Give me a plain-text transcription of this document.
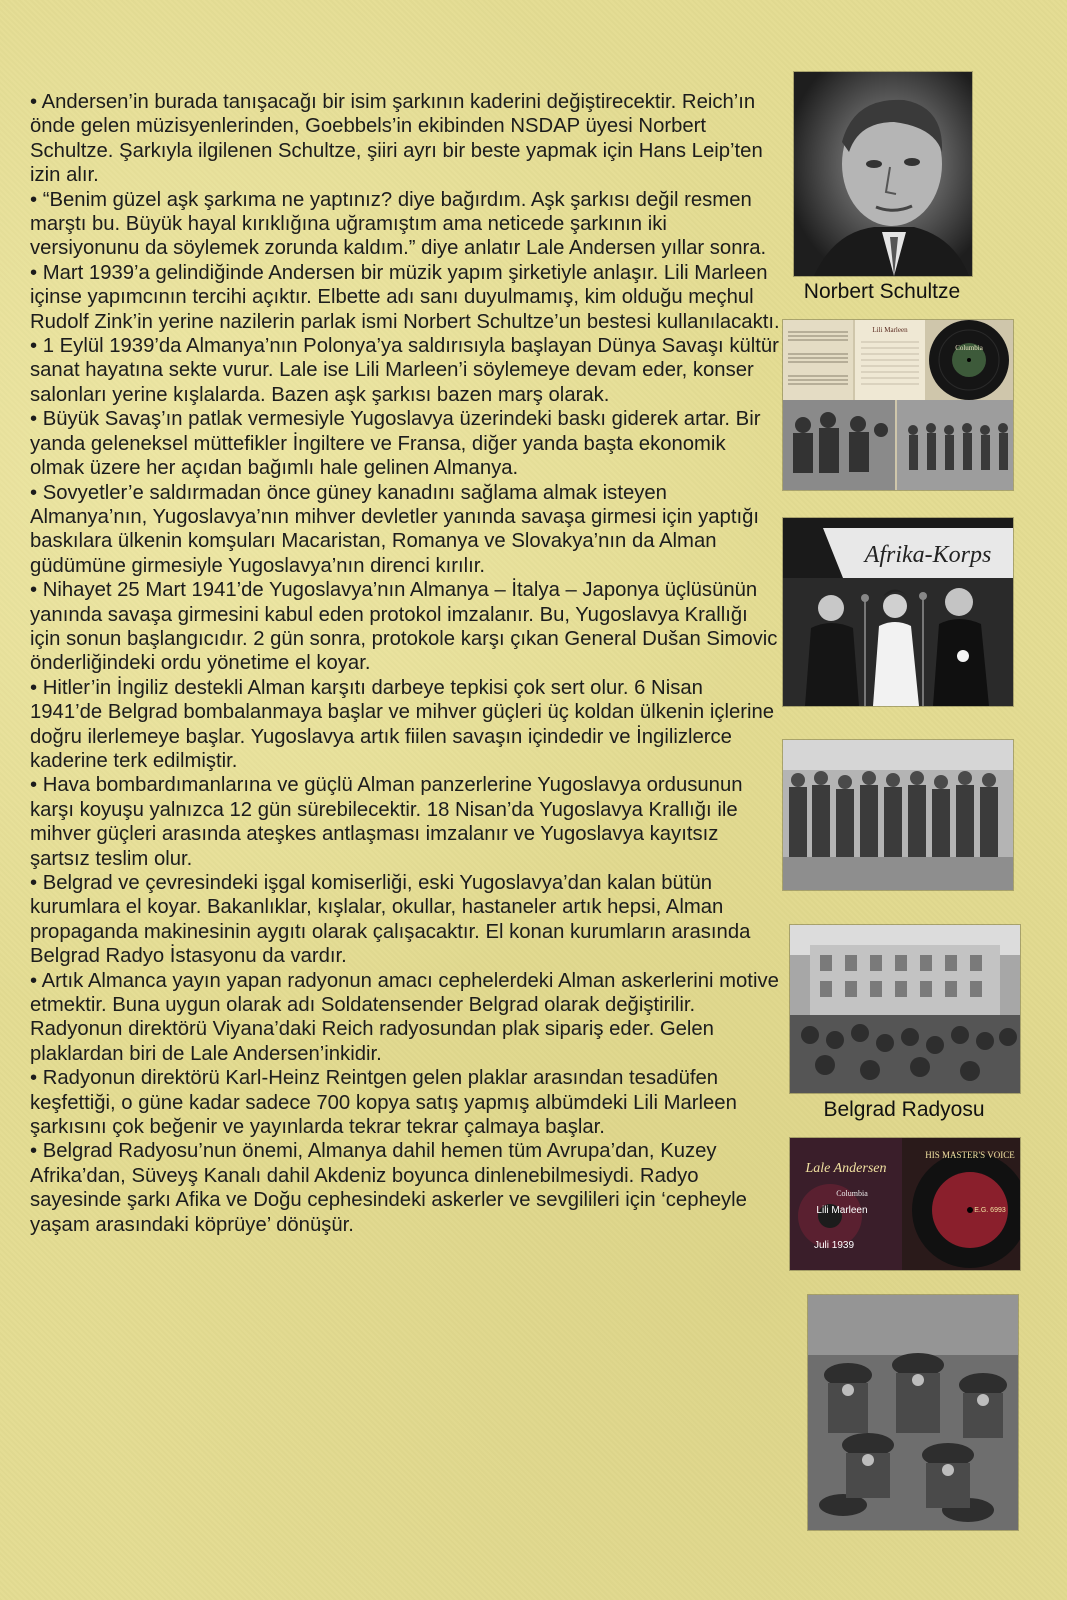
• Andersen’in burada tanışacağı bir isim şarkının kaderini değiştirecektir. Reich’ın önde gelen müzisyenlerinden, Goebbels’in ekibinden NSDAP üyesi Norbert Schultze. Şarkıyla ilgilenen Schultze, şiiri ayrı bir beste yapmak için Hans Leip’ten izin alır.

• “Benim güzel aşk şarkıma ne yaptınız? diye bağırdım. Aşk şarkısı değil resmen marştı bu. Büyük hayal kırıklığına uğramıştım ama neticede şarkının iki versiyonunu da söylemek zorunda kaldım.” diye anlatır Lale Andersen yıllar sonra.

• Mart 1939’a gelindiğinde Andersen bir müzik yapım şirketiyle anlaşır. Lili Marleen içinse yapımcının tercihi açıktır. Elbette adı sanı duyulmamış, kim olduğu meçhul Rudolf Zink’in yerine nazilerin parlak ismi Norbert Schultze’un bestesi kullanılacaktı.

• 1 Eylül 1939’da Almanya’nın Polonya’ya saldırısıyla başlayan Dünya Savaşı kültür sanat hayatına sekte vurur. Lale ise Lili Marleen’i söylemeye devam eder, konser salonları yerine kışlalarda. Bazen aşk şarkısı bazen marş olarak.

• Büyük Savaş’ın patlak vermesiyle Yugoslavya üzerindeki baskı giderek artar. Bir yanda geleneksel müttefikler İngiltere ve Fransa, diğer yanda başta ekonomik olmak üzere her açıdan bağımlı hale gelinen Almanya.

• Sovyetler’e saldırmadan önce güney kanadını sağlama almak isteyen Almanya’nın, Yugoslavya’nın mihver devletler yanında savaşa girmesi için yaptığı baskılara ülkenin komşuları Macaristan, Romanya ve Slovakya’nın da Alman güdümüne girmesiyle Yugoslavya’nın direnci kırılır.

• Nihayet 25 Mart 1941’de Yugoslavya’nın Almanya – İtalya – Japonya üçlüsünün yanında savaşa girmesini kabul eden protokol imzalanır. Bu, Yugoslavya Krallığı için sonun başlangıcıdır. 2 gün sonra, protokole karşı çıkan General Dušan Simovic önderliğindeki ordu yönetime el koyar.

• Hitler’in İngiliz destekli Alman karşıtı darbeye tepkisi çok sert olur. 6 Nisan 1941’de Belgrad bombalanmaya başlar ve mihver güçleri üç koldan ülkenin içlerine doğru ilerlemeye başlar. Yugoslavya artık fiilen savaşın içindedir ve İngilizlerce kaderine terk edilmiştir.

• Hava bombardımanlarına ve güçlü Alman panzerlerine Yugoslavya ordusunun karşı koyuşu yalnızca 12 gün sürebilecektir. 18 Nisan’da Yugoslavya Krallığı ile mihver güçleri arasında ateşkes antlaşması imzalanır ve Yugoslavya kayıtsız şartsız teslim olur.

• Belgrad ve çevresindeki işgal komiserliği, eski Yugoslavya’dan kalan bütün kurumlara el koyar. Bakanlıklar, kışlalar, okullar, hastaneler artık hepsi, Alman propaganda makinesinin aygıtı olarak çalışacaktır. El konan kurumların arasında Belgrad Radyo İstasyonu da vardır.

• Artık Almanca yayın yapan radyonun amacı cephelerdeki Alman askerlerini motive etmektir. Buna uygun olarak adı Soldatensender Belgrad olarak değiştirilir. Radyonun direktörü Viyana’daki Reich radyosundan plak sipariş eder. Gelen plaklardan biri de Lale Andersen’inkidir.

• Radyonun direktörü Karl-Heinz Reintgen gelen plaklar arasından tesadüfen keşfettiği, o güne kadar sadece 700 kopya satış yapmış albümdeki Lili Marleen şarkısını çok beğenir ve yayınlarda tekrar tekrar çalmaya başlar.

• Belgrad Radyosu’nun önemi, Almanya dahil hemen tüm Avrupa’dan, Kuzey Afrika’dan, Süveyş Kanalı dahil Akdeniz boyunca dinlenebilmesiydi. Radyo sayesinde şarkı Afika ve Doğu cephesindeki askerler ve sevgilileri için ‘cepheyle yaşam arasındaki köprüye’ dönüşür.

Norbert Schultze
Lili Marleen
Columbia
Afrika-Korps
Belgrad Radyosu
Lale Andersen
Columbia
Lili Marleen
Juli 1939
HIS MASTER'S VOICE
E.G. 6993
